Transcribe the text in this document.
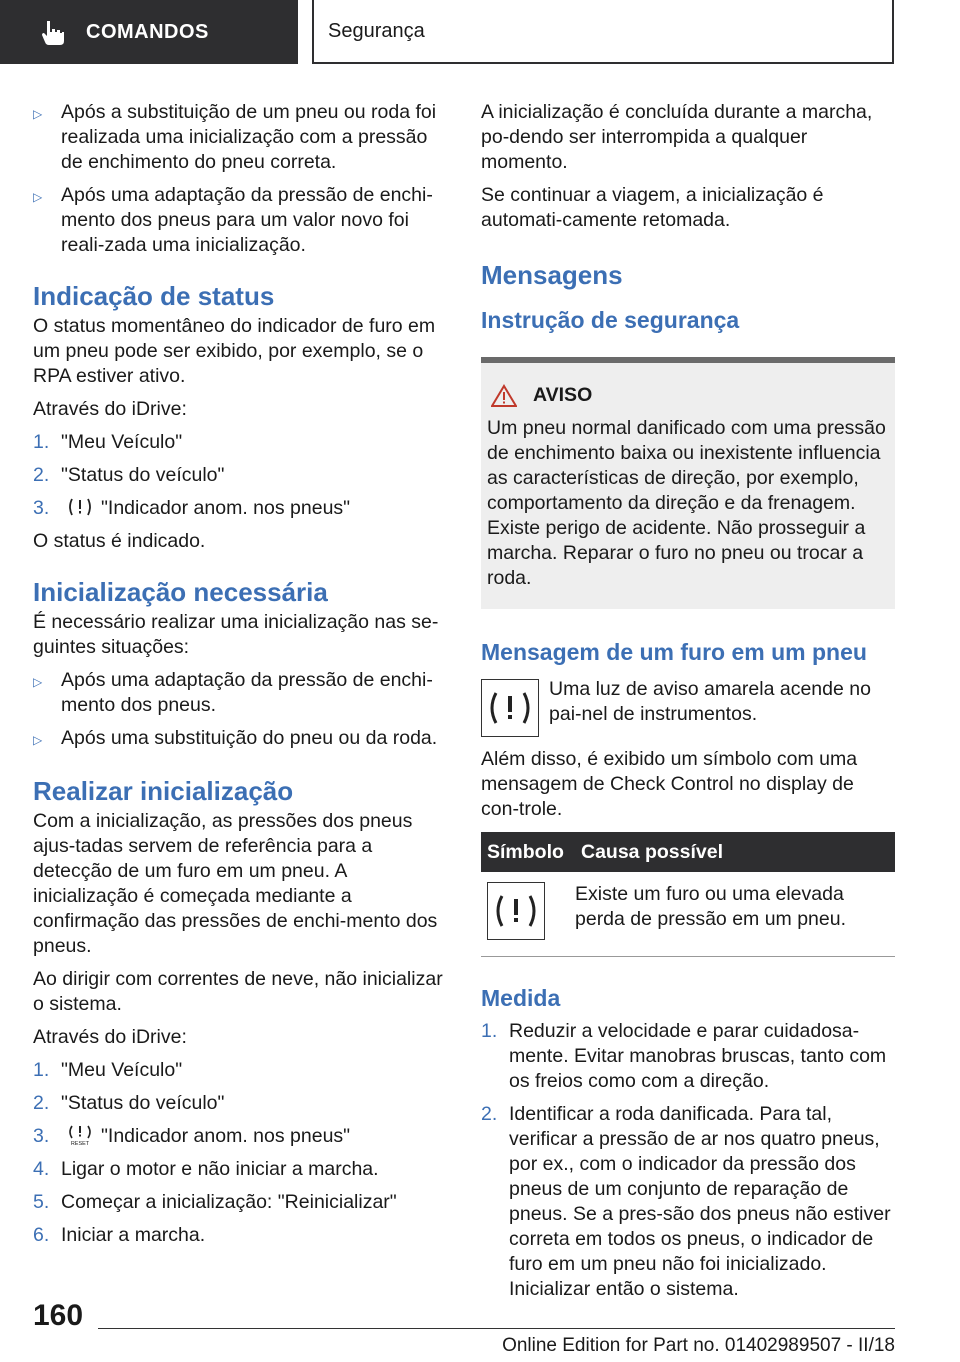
COMANDOS	Segurança
▷ Após a substituição de um pneu ou roda foi realizada uma inicialização com a pressão de enchimento do pneu correta.
▷ Após uma adaptação da pressão de enchi‐mento dos pneus para um valor novo foi reali‐zada uma inicialização.
Indicação de status

O status momentâneo do indicador de furo em um pneu pode ser exibido, por exemplo, se o RPA estiver ativo.

Através do iDrive:

1. "Meu Veículo"
2. "Status do veículo"
3.	"Indicador anom. nos pneus"

O status é indicado.

Inicialização necessária

É necessário realizar uma inicialização nas se‐guintes situações:

▷ Após uma adaptação da pressão de enchi‐mento dos pneus.
▷ Após uma substituição do pneu ou da roda.
Realizar inicialização

Com a inicialização, as pressões dos pneus ajus‐tadas servem de referência para a detecção de um furo em um pneu. A inicialização é começada mediante a confirmação das pressões de enchi‐mento dos pneus.

Ao dirigir com correntes de neve, não inicializar o sistema.

Através do iDrive:

1. "Meu Veículo"
2. "Status do veículo"
3.	RESET "Indicador anom. nos pneus"
4. Ligar o motor e não iniciar a marcha.
5. Começar a inicialização: "Reinicializar"
6. Iniciar a marcha.

A inicialização é concluída durante a marcha, po‐dendo ser interrompida a qualquer momento.

Se continuar a viagem, a inicialização é automati‐camente retomada.

Mensagens
Instrução de segurança
AVISO
Um pneu normal danificado com uma pressão de enchimento baixa ou inexistente influencia as características de direção, por exemplo, comportamento da direção e da frenagem. Existe perigo de acidente. Não prosseguir a marcha. Reparar o furo no pneu ou trocar a roda.
Mensagem de um furo em um pneu
Uma luz de aviso amarela acende no pai‐nel de instrumentos.

Além disso, é exibido um símbolo com uma mensagem de Check Control no display de con‐trole.

Símbolo	Causa possível

	Existe um furo ou uma elevada perda de pressão em um pneu.
Medida
1. Reduzir a velocidade e parar cuidadosa‐mente. Evitar manobras bruscas, tanto com os freios como com a direção.
2. Identificar a roda danificada. Para tal, verificar a pressão de ar nos quatro pneus, por ex., com o indicador da pressão dos pneus de um conjunto de reparação de pneus. Se a pres‐são dos pneus não estiver correta em todos os pneus, o indicador de furo em um pneu não foi inicializado. Inicializar então o sistema.
160
Online Edition for Part no. 01402989507 - II/18
